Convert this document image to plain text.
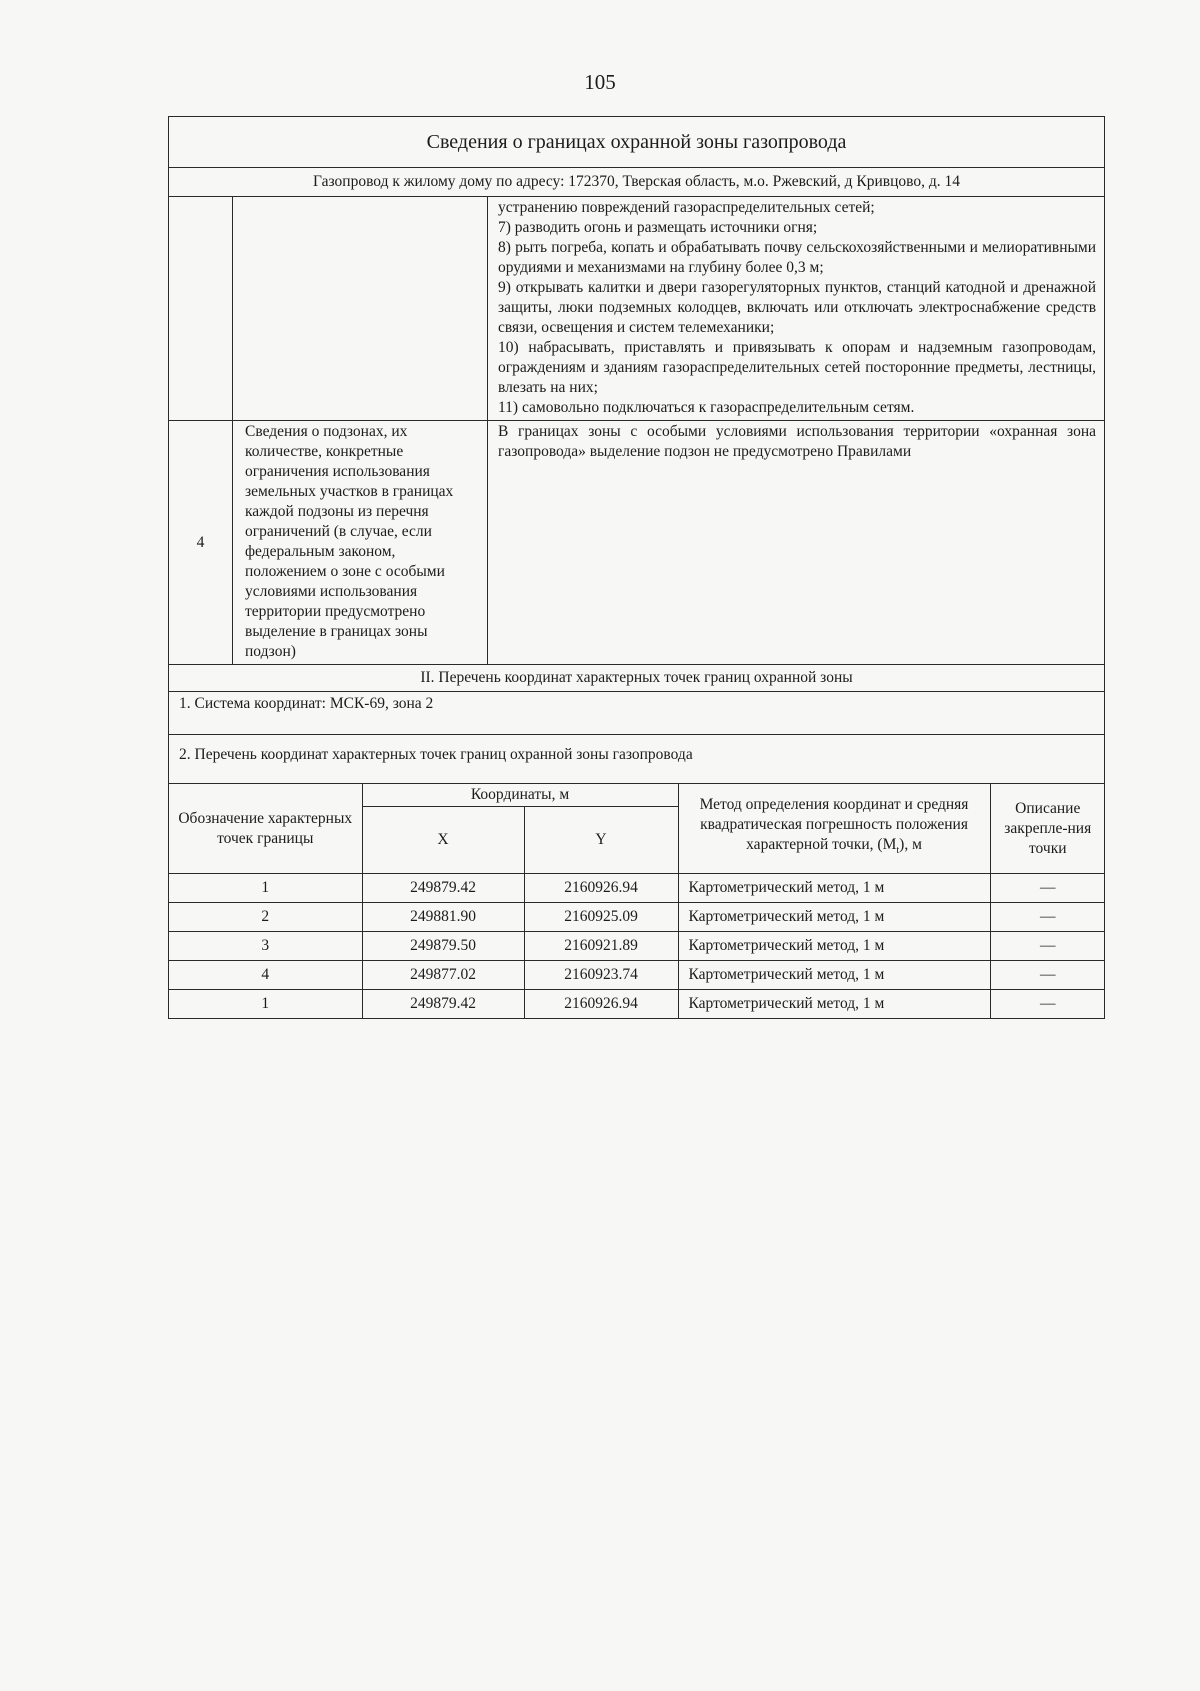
105
Сведения о границах охранной зоны газопровода
Газопровод к жилому дому по адресу: 172370, Тверская область, м.о. Ржевский, д Кривцово, д. 14

устранению повреждений газораспределительных сетей;
7) разводить огонь и размещать источники огня;
8) рыть погреба, копать и обрабатывать почву сельскохозяйственными и мелиоративными орудиями и механизмами на глубину более 0,3 м;
9) открывать калитки и двери газорегуляторных пунктов, станций катодной и дренажной защиты, люки подземных колодцев, включать или отключать электроснабжение средств связи, освещения и систем телемеханики;
10) набрасывать, приставлять и привязывать к опорам и надземным газопроводам, ограждениям и зданиям газораспределительных сетей посторонние предметы, лестницы, влезать на них;
11) самовольно подключаться к газораспределительным сетям.

4	Сведения о подзонах, их количестве, конкретные ограничения использования земельных участков в границах каждой подзоны из перечня ограничений (в случае, если федеральным законом, положением о зоне с особыми условиями использования территории предусмотрено выделение в границах зоны подзон)	
В границах зоны с особыми условиями использования территории «охранная зона газопровода» выделение подзон не предусмотрено Правилами

II. Перечень координат характерных точек границ охранной зоны
1. Система координат: МСК-69, зона 2
2. Перечень координат характерных точек границ охранной зоны газопровода

Обозначение характерных точек границы	Координаты, м	Метод определения координат и средняя квадратическая погрешность положения характерной точки, $(M_t)$, м	Описание закрепле-ния точки
X	Y
1	249879.42	2160926.94	Картометрический метод, 1 м	—
2	249881.90	2160925.09	Картометрический метод, 1 м	—
3	249879.50	2160921.89	Картометрический метод, 1 м	—
4	249877.02	2160923.74	Картометрический метод, 1 м	—
1	249879.42	2160926.94	Картометрический метод, 1 м	—
